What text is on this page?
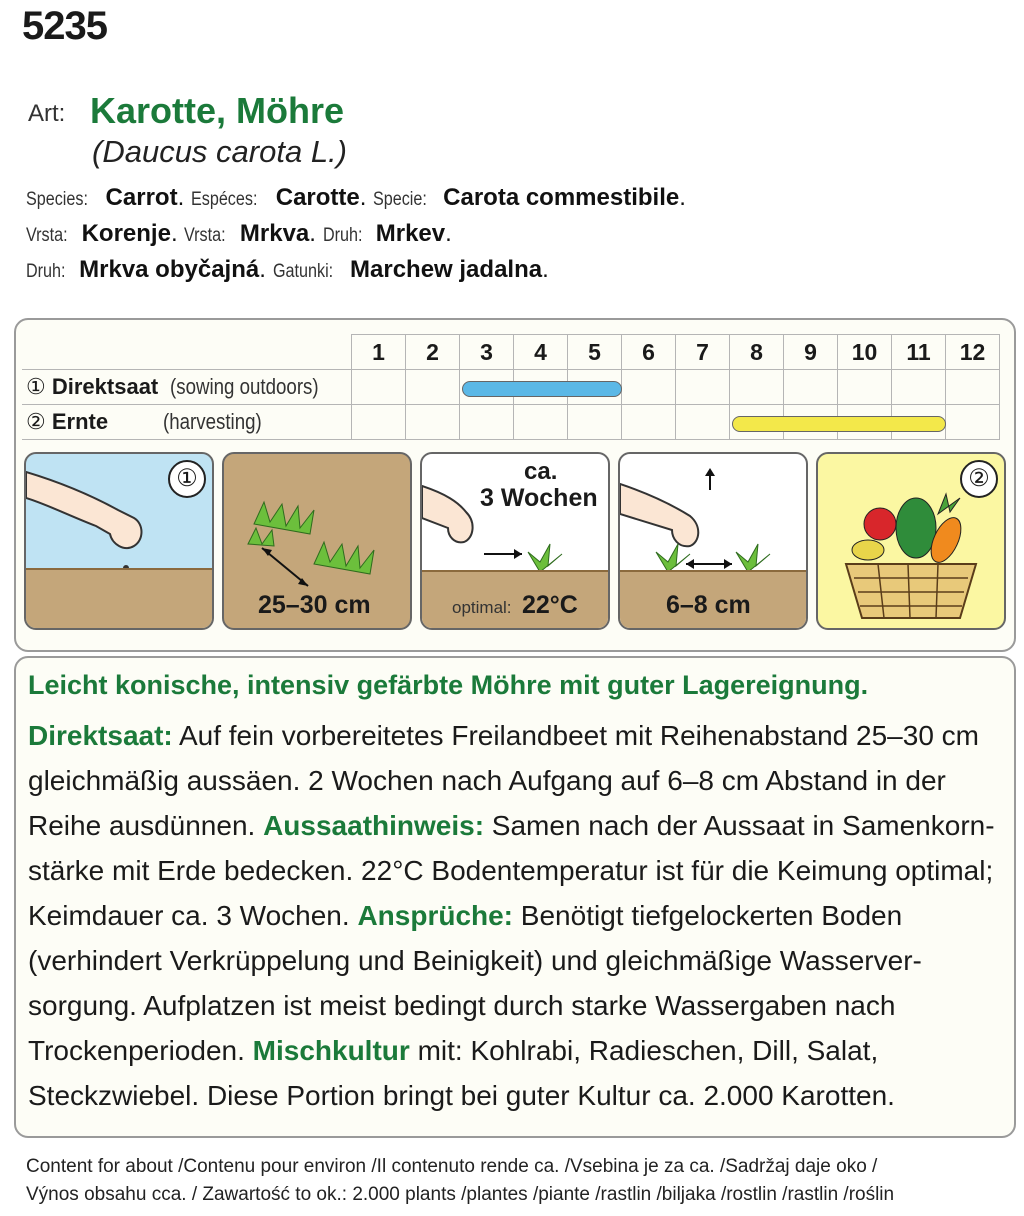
5235
Art: Karotte, Möhre
(Daucus carota L.)
Species: Carrot. Espéces: Carotte. Specie: Carota commestibile.
Vrsta: Korenje. Vrsta: Mrkva. Druh: Mrkev.
Druh: Mrkva obyčajná. Gatunki: Marchew jadalna.
	1	2	3	4	5	6	7	8	9	10	11	12
① Direktsaat (sowing outdoors)												
② Ernte (harvesting)												
①
25–30 cm
ca.
3 Wochen
optimal: 22°C	6–8 cm
②
Leicht konische, intensiv gefärbte Möhre mit guter Lagereignung.
Direktsaat: Auf fein vorbereitetes Freilandbeet mit Reihenabstand 25–30 cm
gleichmäßig aussäen. 2 Wochen nach Aufgang auf 6–8 cm Abstand in der
Reihe ausdünnen. Aussaathinweis: Samen nach der Aussaat in Samenkorn-
stärke mit Erde bedecken. 22°C Bodentemperatur ist für die Keimung optimal;
Keimdauer ca. 3 Wochen. Ansprüche: Benötigt tiefgelockerten Boden
(verhindert Verkrüppelung und Beinigkeit) und gleichmäßige Wasserver-
sorgung. Aufplatzen ist meist bedingt durch starke Wassergaben nach
Trockenperioden. Mischkultur mit: Kohlrabi, Radieschen, Dill, Salat,
Steckzwiebel. Diese Portion bringt bei guter Kultur ca. 2.000 Karotten.
Content for about /Contenu pour environ /Il contenuto rende ca. /Vsebina je za ca. /Sadržaj daje oko /
Výnos obsahu cca. / Zawartość to ok.: 2.000 plants /plantes /piante /rastlin /biljaka /rostlin /rastlin /roślin
